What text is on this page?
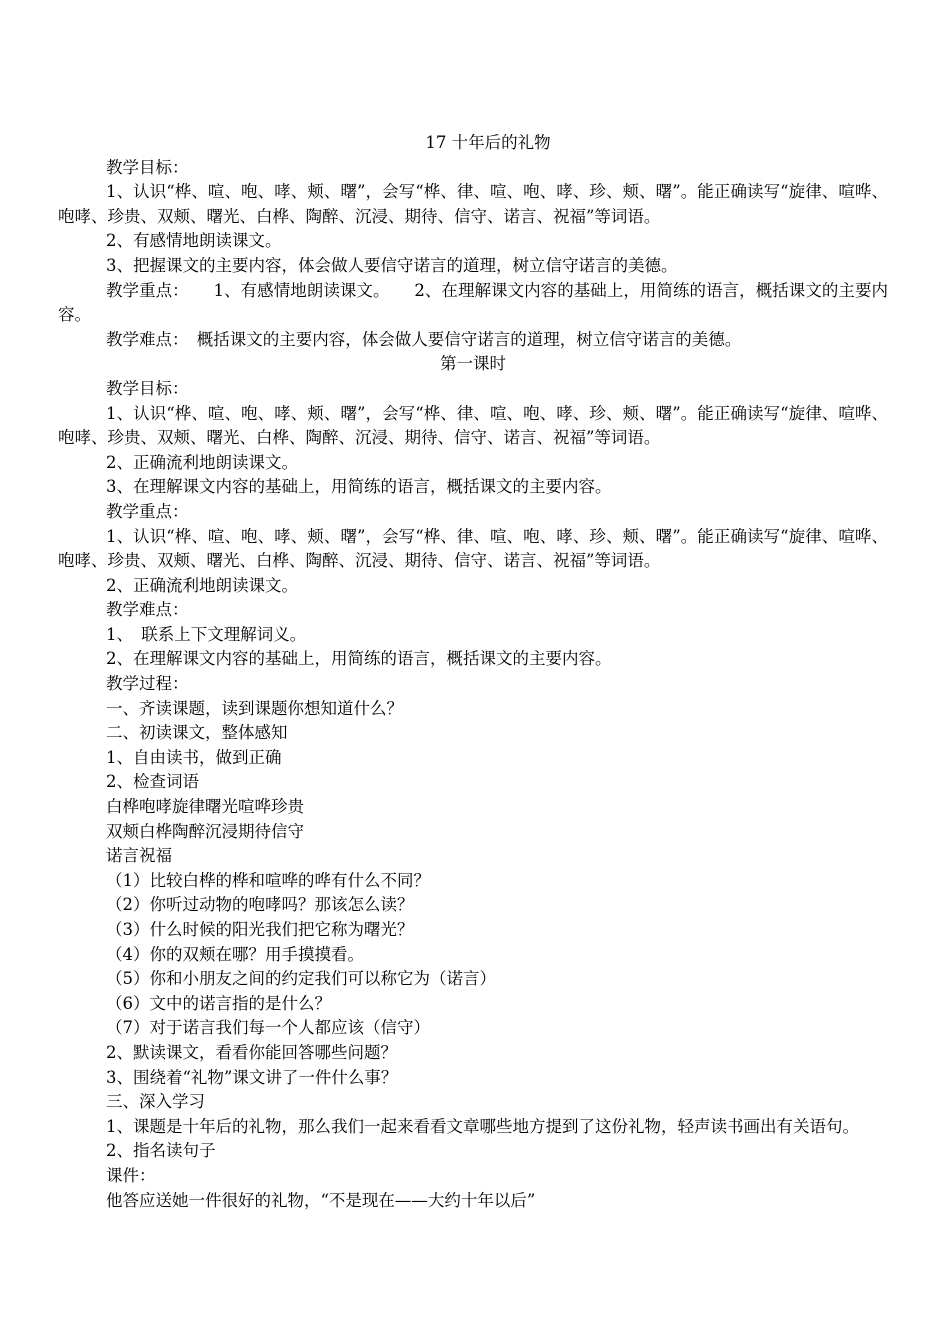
17 十年后的礼物
教学目标：
1、认识“桦、喧、咆、哮、颊、曙”，会写“桦、律、喧、咆、哮、珍、颊、曙”。能正确读写“旋律、喧哗、咆哮、珍贵、双颊、曙光、白桦、陶醉、沉浸、期待、信守、诺言、祝福”等词语。
2、有感情地朗读课文。
3、把握课文的主要内容，体会做人要信守诺言的道理，树立信守诺言的美德。
教学重点：　　1、有感情地朗读课文。　　2、在理解课文内容的基础上，用简练的语言，概括课文的主要内容。
教学难点：　概括课文的主要内容，体会做人要信守诺言的道理，树立信守诺言的美德。
第一课时
教学目标：
1、认识“桦、喧、咆、哮、颊、曙”，会写“桦、律、喧、咆、哮、珍、颊、曙”。能正确读写“旋律、喧哗、咆哮、珍贵、双颊、曙光、白桦、陶醉、沉浸、期待、信守、诺言、祝福”等词语。
2、正确流利地朗读课文。
3、在理解课文内容的基础上，用简练的语言，概括课文的主要内容。
教学重点：
1、认识“桦、喧、咆、哮、颊、曙”，会写“桦、律、喧、咆、哮、珍、颊、曙”。能正确读写“旋律、喧哗、咆哮、珍贵、双颊、曙光、白桦、陶醉、沉浸、期待、信守、诺言、祝福”等词语。
2、正确流利地朗读课文。
教学难点：
1、　联系上下文理解词义。
2、在理解课文内容的基础上，用简练的语言，概括课文的主要内容。
教学过程：
一、齐读课题，读到课题你想知道什么？
二、初读课文，整体感知
1、自由读书，做到正确
2、检查词语
白桦咆哮旋律曙光喧哗珍贵
双颊白桦陶醉沉浸期待信守
诺言祝福
（1）比较白桦的桦和喧哗的哗有什么不同？
（2）你听过动物的咆哮吗？那该怎么读？
（3）什么时候的阳光我们把它称为曙光？
（4）你的双颊在哪？用手摸摸看。
（5）你和小朋友之间的约定我们可以称它为（诺言）
（6）文中的诺言指的是什么？
（7）对于诺言我们每一个人都应该（信守）
2、默读课文，看看你能回答哪些问题？
3、围绕着“礼物”课文讲了一件什么事？
三、深入学习
1、课题是十年后的礼物，那么我们一起来看看文章哪些地方提到了这份礼物，轻声读书画出有关语句。
2、指名读句子
课件：
他答应送她一件很好的礼物，“不是现在——大约十年以后”
